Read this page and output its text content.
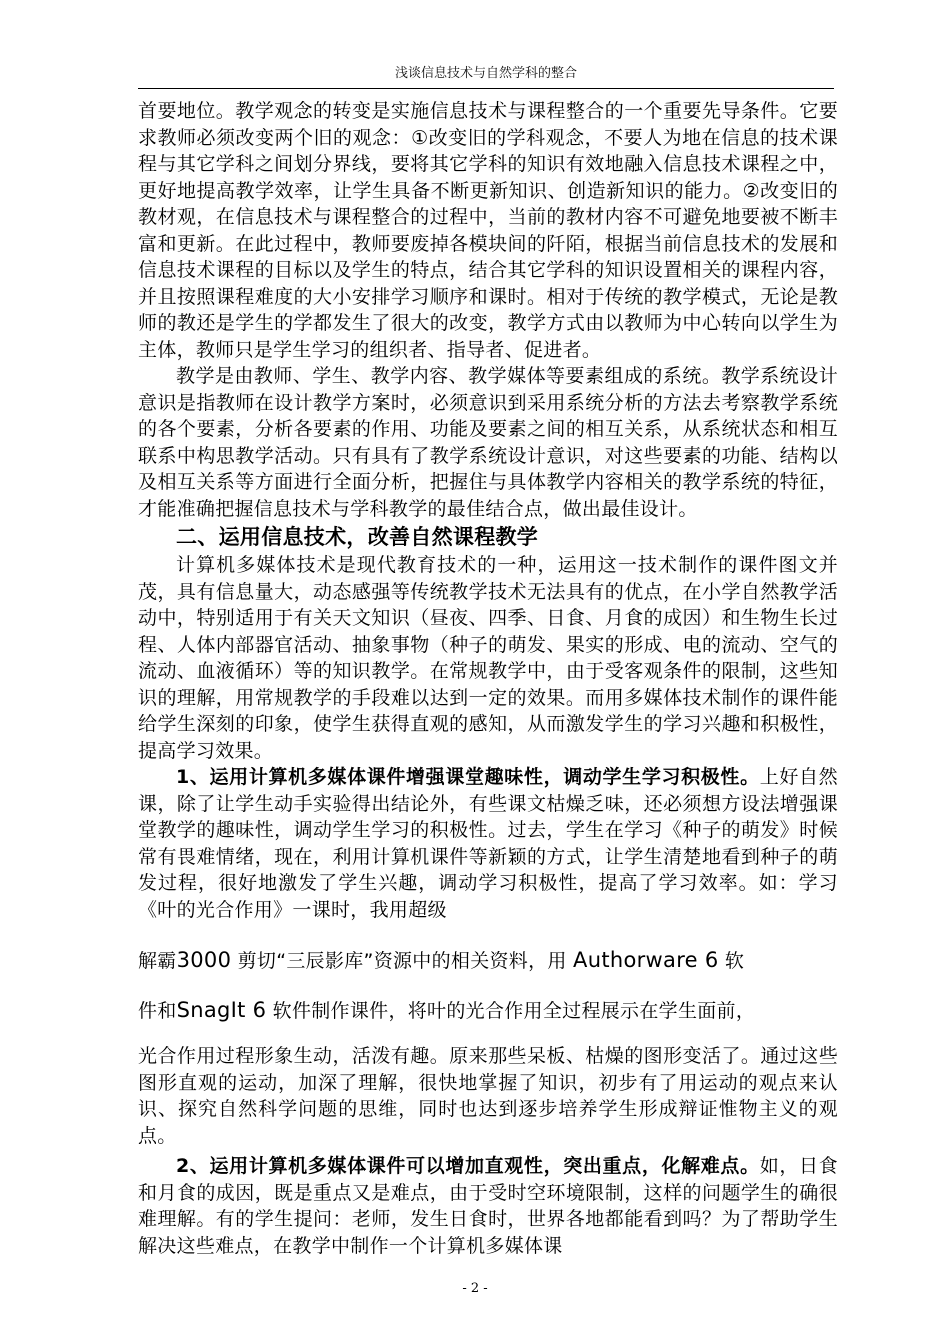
浅谈信息技术与自然学科的整合

首要地位。教学观念的转变是实施信息技术与课程整合的一个重要先导条件。它要求教师必须改变两个旧的观念：①改变旧的学科观念，不要人为地在信息的技术课程与其它学科之间划分界线，要将其它学科的知识有效地融入信息技术课程之中，更好地提高教学效率，让学生具备不断更新知识、创造新知识的能力。②改变旧的教材观，在信息技术与课程整合的过程中，当前的教材内容不可避免地要被不断丰富和更新。在此过程中，教师要废掉各模块间的阡陌，根据当前信息技术的发展和信息技术课程的目标以及学生的特点，结合其它学科的知识设置相关的课程内容，并且按照课程难度的大小安排学习顺序和课时。相对于传统的教学模式，无论是教师的教还是学生的学都发生了很大的改变，教学方式由以教师为中心转向以学生为主体，教师只是学生学习的组织者、指导者、促进者。

教学是由教师、学生、教学内容、教学媒体等要素组成的系统。教学系统设计意识是指教师在设计教学方案时，必须意识到采用系统分析的方法去考察教学系统的各个要素，分析各要素的作用、功能及要素之间的相互关系，从系统状态和相互联系中构思教学活动。只有具有了教学系统设计意识，对这些要素的功能、结构以及相互关系等方面进行全面分析，把握住与具体教学内容相关的教学系统的特征，才能准确把握信息技术与学科教学的最佳结合点，做出最佳设计。

二、运用信息技术，改善自然课程教学

计算机多媒体技术是现代教育技术的一种，运用这一技术制作的课件图文并茂，具有信息量大，动态感强等传统教学技术无法具有的优点，在小学自然教学活动中，特别适用于有关天文知识（昼夜、四季、日食、月食的成因）和生物生长过程、人体内部器官活动、抽象事物（种子的萌发、果实的形成、电的流动、空气的流动、血液循环）等的知识教学。在常规教学中，由于受客观条件的限制，这些知识的理解，用常规教学的手段难以达到一定的效果。而用多媒体技术制作的课件能给学生深刻的印象，使学生获得直观的感知，从而激发学生的学习兴趣和积极性，提高学习效果。

1、运用计算机多媒体课件增强课堂趣味性，调动学生学习积极性。上好自然课，除了让学生动手实验得出结论外，有些课文枯燥乏味，还必须想方设法增强课堂教学的趣味性，调动学生学习的积极性。过去，学生在学习《种子的萌发》时候常有畏难情绪，现在，利用计算机课件等新颖的方式，让学生清楚地看到种子的萌发过程，很好地激发了学生兴趣，调动学习积极性，提高了学习效率。如：学习《叶的光合作用》一课时，我用超级

解霸3000 剪切“三辰影库”资源中的相关资料，用 Authorware 6 软

件和SnagIt 6 软件制作课件，将叶的光合作用全过程展示在学生面前，

光合作用过程形象生动，活泼有趣。原来那些呆板、枯燥的图形变活了。通过这些图形直观的运动，加深了理解，很快地掌握了知识，初步有了用运动的观点来认识、探究自然科学问题的思维，同时也达到逐步培养学生形成辩证惟物主义的观点。

2、运用计算机多媒体课件可以增加直观性，突出重点，化解难点。如，日食和月食的成因，既是重点又是难点，由于受时空环境限制，这样的问题学生的确很难理解。有的学生提问：老师，发生日食时，世界各地都能看到吗？为了帮助学生解决这些难点，在教学中制作一个计算机多媒体课

- 2 -
